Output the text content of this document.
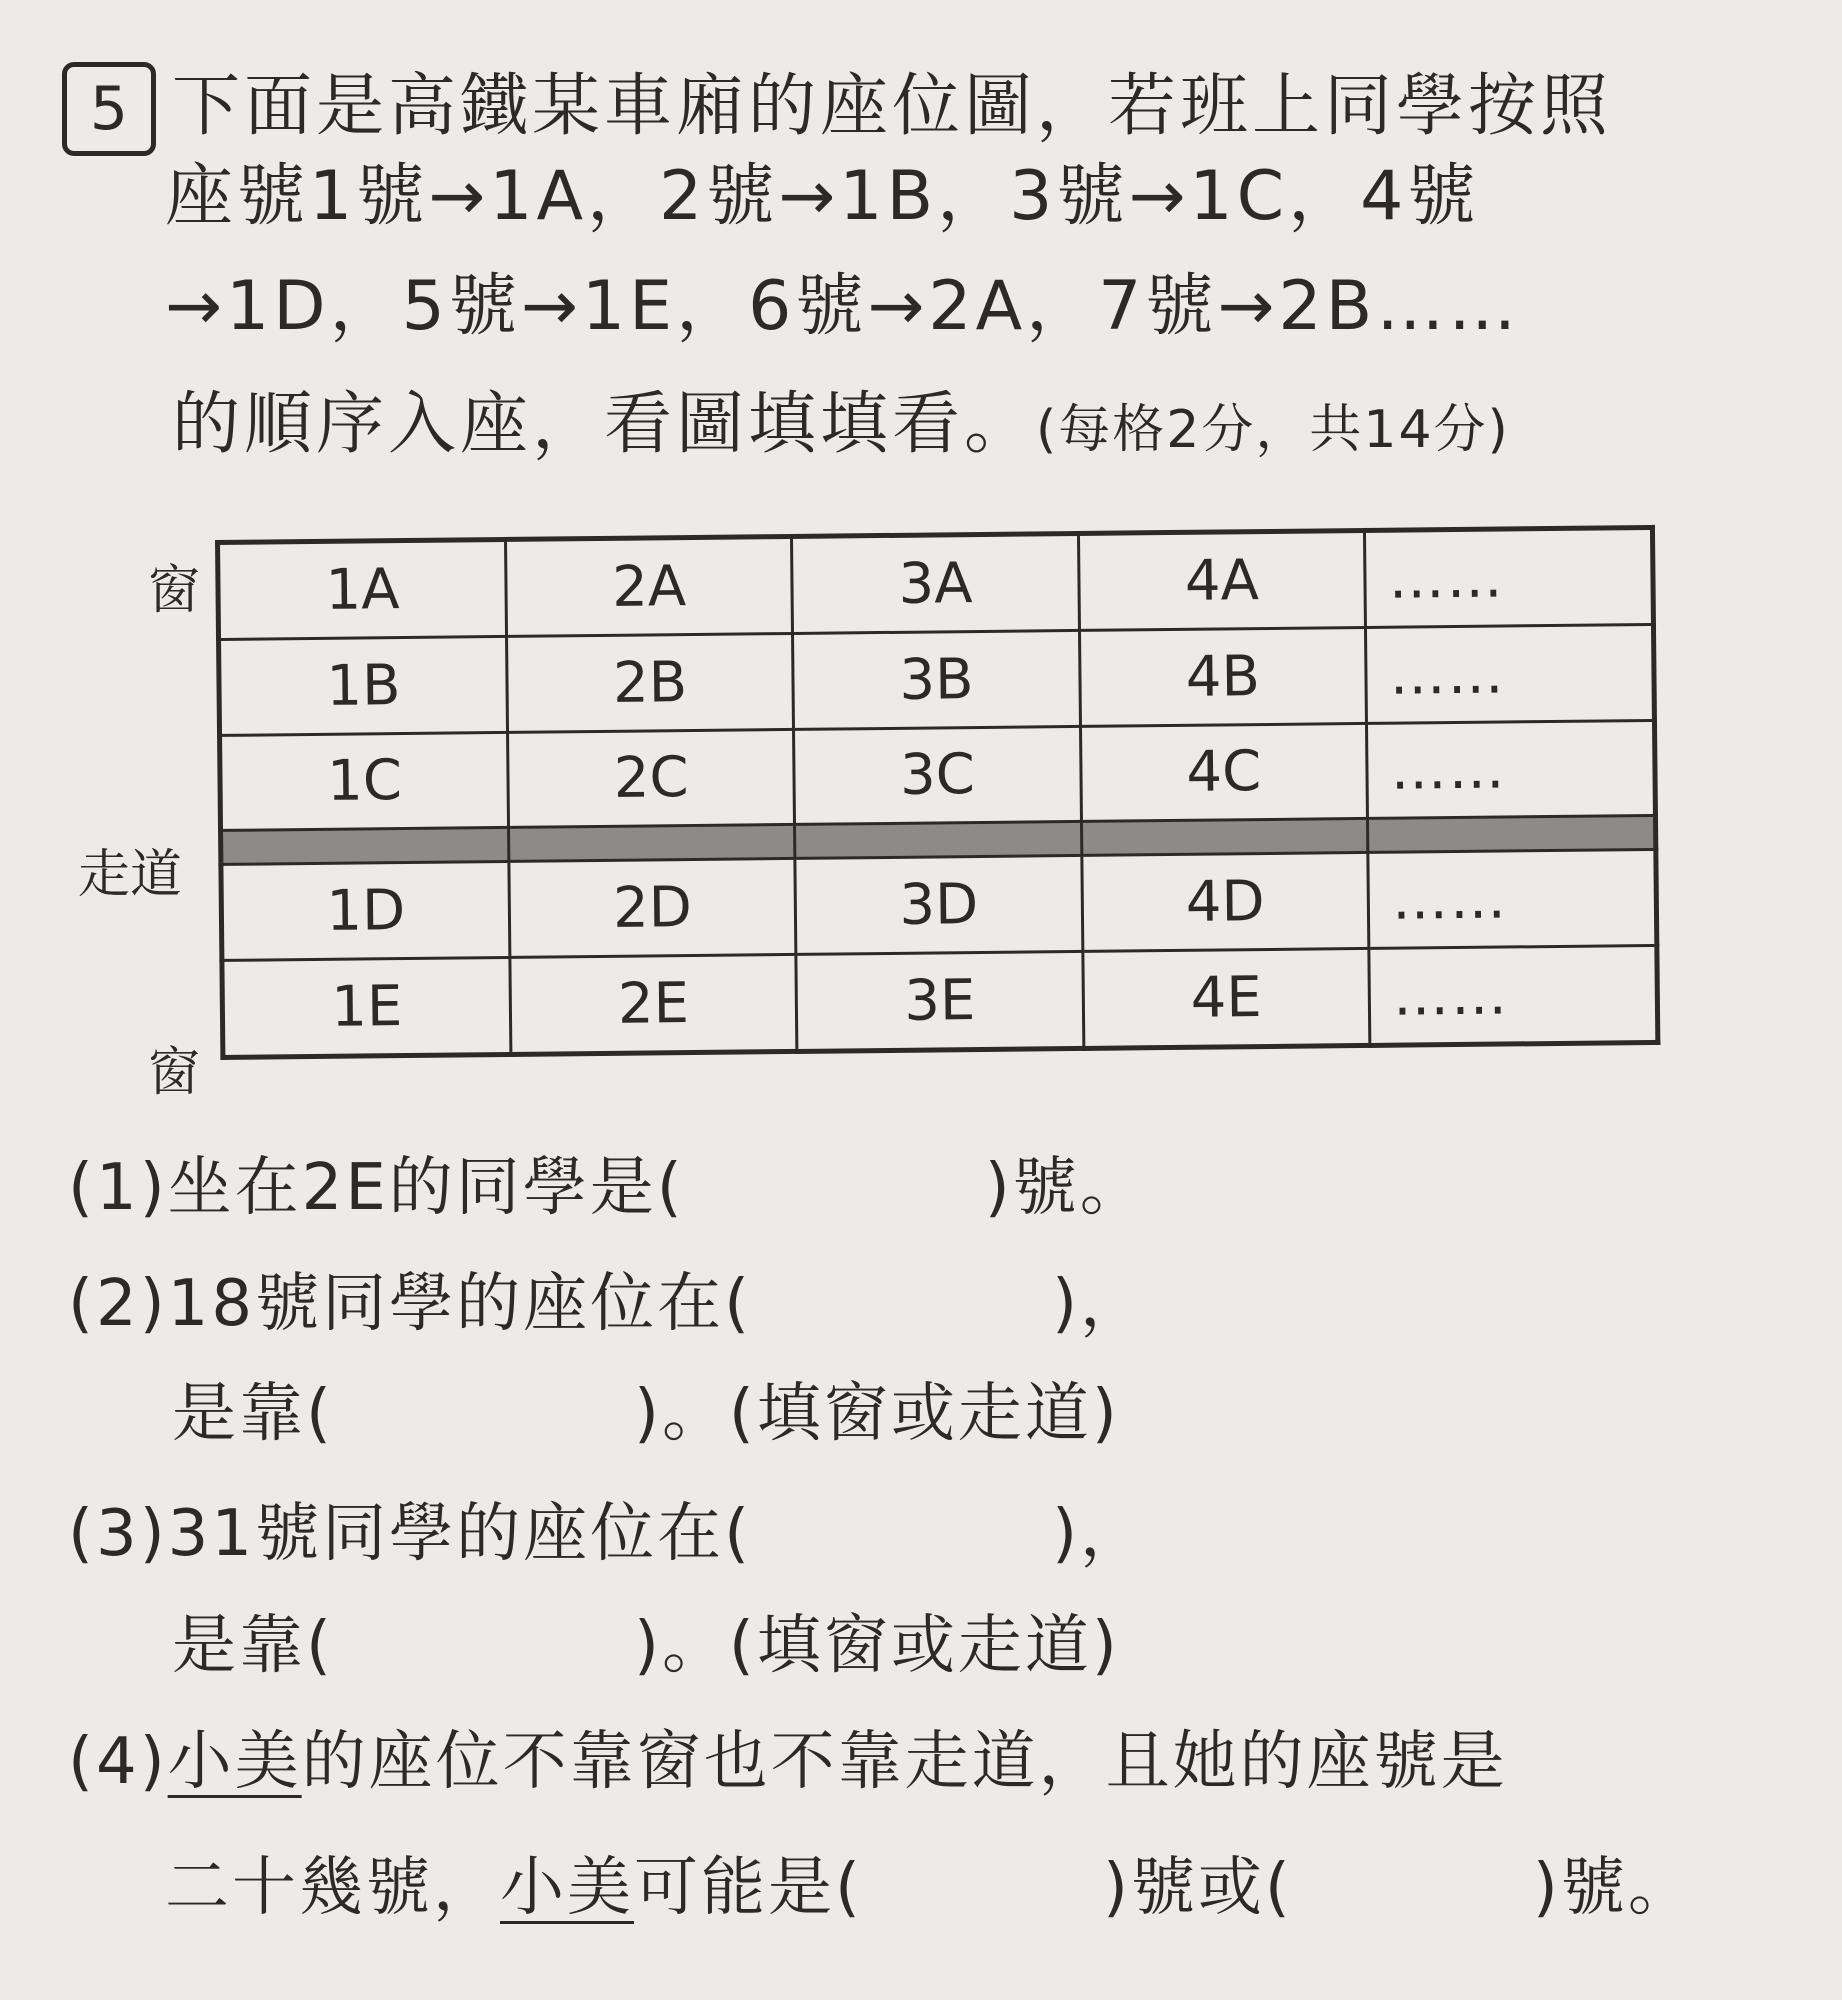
5 下面是高鐵某車廂的座位圖，若班上同學按照
座號1號→1A，2號→1B，3號→1C，4號
→1D，5號→1E，6號→2A，7號→2B……
的順序入座，看圖填填看。(每格2分，共14分)
窗
走道
窗
1A	2A	3A	4A	……
1B	2B	3B	4B	……
1C	2C	3C	4C	……

1D	2D	3D	4D	……
1E	2E	3E	4E	……
(1)坐在2E的同學是(	)號。
(2)18號同學的座位在(	)，
是靠(	)。(填窗或走道)
(3)31號同學的座位在(	)，
是靠(	)。(填窗或走道)
(4)小美的座位不靠窗也不靠走道，且她的座號是
二十幾號，小美可能是(	)號或(	)號。
